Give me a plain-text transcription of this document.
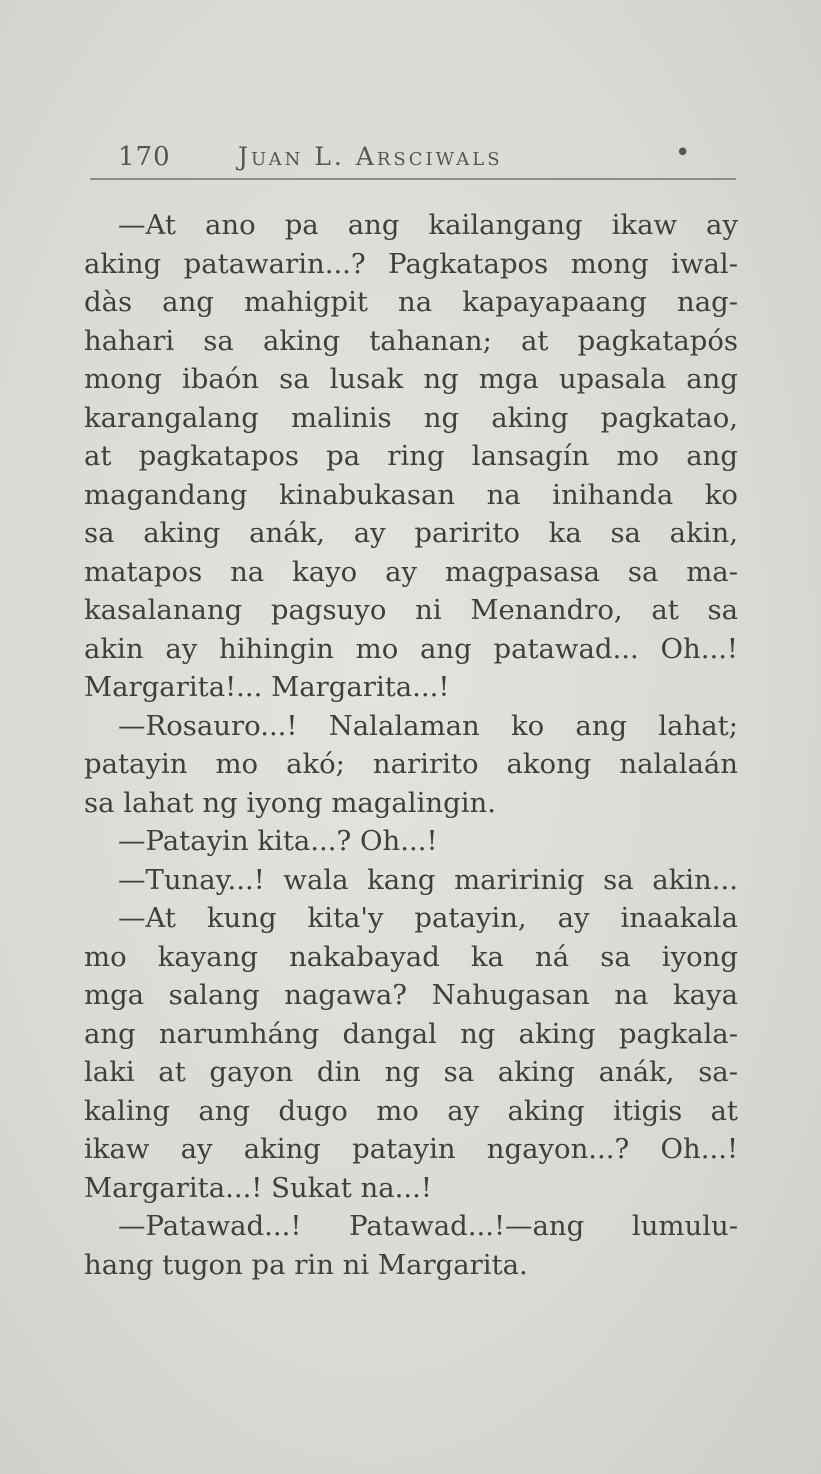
170	Juan L. Arsciwals	•
—At ano pa ang kailangang ikaw ay
aking patawarin...? Pagkatapos mong iwal-
dàs ang mahigpit na kapayapaang nag-
hahari sa aking tahanan; at pagkatapós
mong ibaón sa lusak ng mga upasala ang
karangalang malinis ng aking pagkatao,
at pagkatapos pa ring lansagín mo ang
magandang kinabukasan na inihanda ko
sa aking anák, ay paririto ka sa akin,
matapos na kayo ay magpasasa sa ma-
kasalanang pagsuyo ni Menandro, at sa
akin ay hihingin mo ang patawad... Oh...!
Margarita!... Margarita...!
—Rosauro...! Nalalaman ko ang lahat;
patayin mo akó; naririto akong nalalaán
sa lahat ng iyong magalingin.
—Patayin kita...? Oh...!
—Tunay...! wala kang maririnig sa akin...
—At kung kita'y patayin, ay inaakala
mo kayang nakabayad ka ná sa iyong
mga salang nagawa? Nahugasan na kaya
ang narumháng dangal ng aking pagkala-
laki at gayon din ng sa aking anák, sa-
kaling ang dugo mo ay aking itigis at
ikaw ay aking patayin ngayon...? Oh...!
Margarita...! Sukat na...!
—Patawad...! Patawad...!—ang lumulu-
hang tugon pa rin ni Margarita.
